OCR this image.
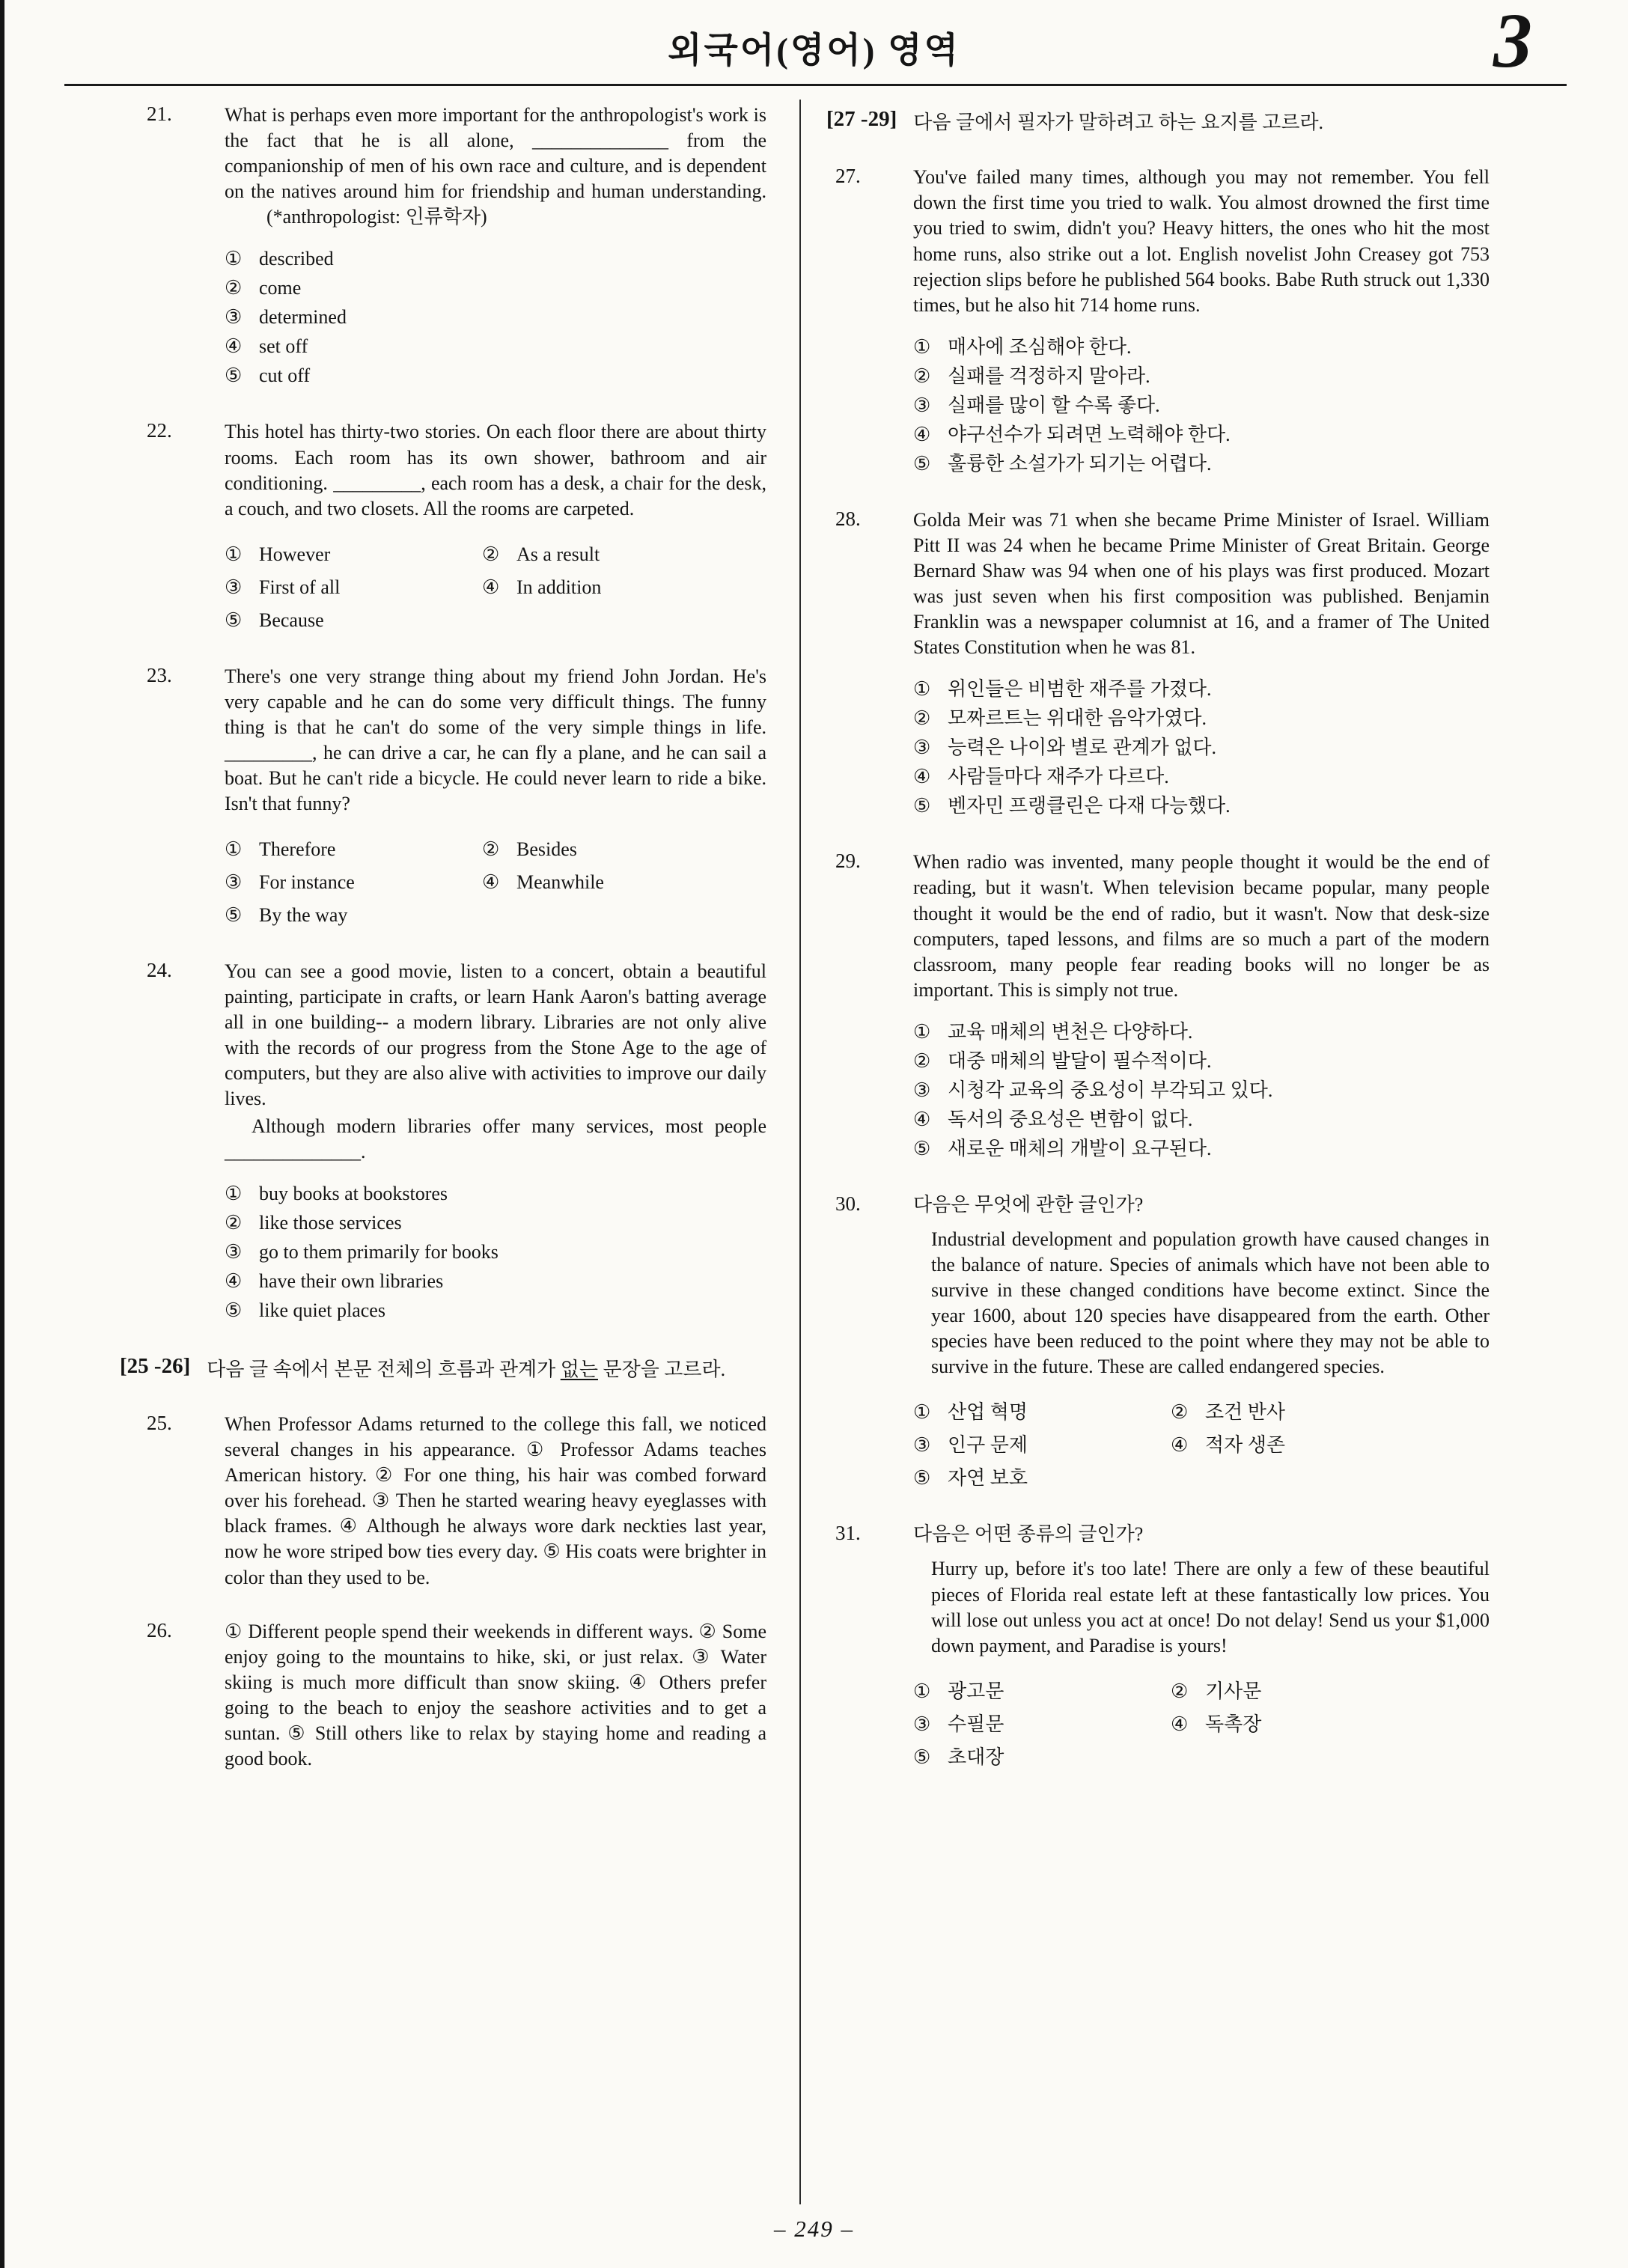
외국어(영어) 영역	3
21.	What is perhaps even more important for the anthropologist's work is the fact that he is all alone, ______________ from the companionship of men of his own race and culture, and is dependent on the natives around him for friendship and human understanding.(*anthropologist: 인류학자)
① described
② come
③ determined
④ set off
⑤ cut off
22.	This hotel has thirty-two stories. On each floor there are about thirty rooms. Each room has its own shower, bathroom and air conditioning. _________, each room has a desk, a chair for the desk, a couch, and two closets. All the rooms are carpeted.
① However	② As a result
③ First of all	④ In addition
⑤ Because
23.	There's one very strange thing about my friend John Jordan. He's very capable and he can do some very difficult things. The funny thing is that he can't do some of the very simple things in life. _________, he can drive a car, he can fly a plane, and he can sail a boat. But he can't ride a bicycle. He could never learn to ride a bike. Isn't that funny?
① Therefore	② Besides
③ For instance	④ Meanwhile
⑤ By the way
24.	You can see a good movie, listen to a concert, obtain a beautiful painting, participate in crafts, or learn Hank Aaron's batting average all in one building-- a modern library. Libraries are not only alive with the records of our progress from the Stone Age to the age of computers, but they are also alive with activities to improve our daily lives.
Although modern libraries offer many services, most people ______________.
① buy books at bookstores
② like those services
③ go to them primarily for books
④ have their own libraries
⑤ like quiet places
[25 -26] 다음 글 속에서 본문 전체의 흐름과 관계가 없는 문장을 고르라.
25.	When Professor Adams returned to the college this fall, we noticed several changes in his appearance. ① Professor Adams teaches American history. ② For one thing, his hair was combed forward over his forehead. ③ Then he started wearing heavy eyeglasses with black frames. ④ Although he always wore dark neckties last year, now he wore striped bow ties every day. ⑤ His coats were brighter in color than they used to be.
26.	① Different people spend their weekends in different ways. ② Some enjoy going to the mountains to hike, ski, or just relax. ③ Water skiing is much more difficult than snow skiing. ④ Others prefer going to the beach to enjoy the seashore activities and to get a suntan. ⑤ Still others like to relax by staying home and reading a good book.
[27 -29] 다음 글에서 필자가 말하려고 하는 요지를 고르라.
27.	You've failed many times, although you may not remember. You fell down the first time you tried to walk. You almost drowned the first time you tried to swim, didn't you? Heavy hitters, the ones who hit the most home runs, also strike out a lot. English novelist John Creasey got 753 rejection slips before he published 564 books. Babe Ruth struck out 1,330 times, but he also hit 714 home runs.
① 매사에 조심해야 한다.
② 실패를 걱정하지 말아라.
③ 실패를 많이 할 수록 좋다.
④ 야구선수가 되려면 노력해야 한다.
⑤ 훌륭한 소설가가 되기는 어렵다.
28.	Golda Meir was 71 when she became Prime Minister of Israel. William Pitt II was 24 when he became Prime Minister of Great Britain. George Bernard Shaw was 94 when one of his plays was first produced. Mozart was just seven when his first composition was published. Benjamin Franklin was a newspaper columnist at 16, and a framer of The United States Constitution when he was 81.
① 위인들은 비범한 재주를 가졌다.
② 모짜르트는 위대한 음악가였다.
③ 능력은 나이와 별로 관계가 없다.
④ 사람들마다 재주가 다르다.
⑤ 벤자민 프랭클린은 다재 다능했다.
29.	When radio was invented, many people thought it would be the end of reading, but it wasn't. When television became popular, many people thought it would be the end of radio, but it wasn't. Now that desk-size computers, taped lessons, and films are so much a part of the modern classroom, many people fear reading books will no longer be as important. This is simply not true.
① 교육 매체의 변천은 다양하다.
② 대중 매체의 발달이 필수적이다.
③ 시청각 교육의 중요성이 부각되고 있다.
④ 독서의 중요성은 변함이 없다.
⑤ 새로운 매체의 개발이 요구된다.
30.	다음은 무엇에 관한 글인가?
Industrial development and population growth have caused changes in the balance of nature. Species of animals which have not been able to survive in these changed conditions have become extinct. Since the year 1600, about 120 species have disappeared from the earth. Other species have been reduced to the point where they may not be able to survive in the future. These are called endangered species.
① 산업 혁명	② 조건 반사
③ 인구 문제	④ 적자 생존
⑤ 자연 보호
31.	다음은 어떤 종류의 글인가?
Hurry up, before it's too late! There are only a few of these beautiful pieces of Florida real estate left at these fantastically low prices. You will lose out unless you act at once! Do not delay! Send us your $1,000 down payment, and Paradise is yours!
① 광고문	② 기사문
③ 수필문	④ 독촉장
⑤ 초대장
– 249 –
